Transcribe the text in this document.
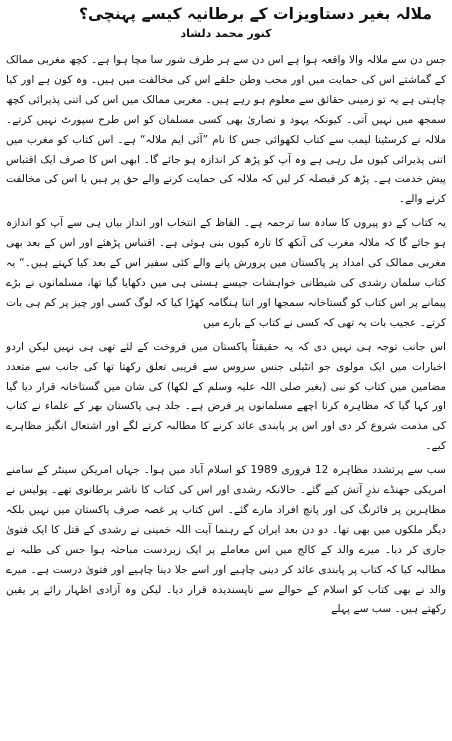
ملالہ بغیر دستاویزات کے برطانیہ کیسے پہنچی؟
کنور محمد دلشاد

جس دن سے ملالہ والا واقعہ ہوا ہے اس دن سے ہر طرف شور سا مچا ہوا ہے۔ کچھ مغربی ممالک کے گماشتے اس کی حمایت میں اور محب وطن حلقے اس کی مخالفت میں ہیں۔ وہ کون ہے اور کیا چاہتی ہے یہ تو زمینی حقائق سے معلوم ہو رہے ہیں۔ مغربی ممالک میں اس کی اتنی پذیرائی کچھ سمجھ میں نہیں آتی۔ کیونکہ یہود و نصاریٰ بھی کسی مسلمان کو اس طرح سپورٹ نہیں کرتے۔ ملالہ نے کرسٹینا لیمب سے کتاب لکھوائی جس کا نام ”آئی ایم ملالہ“ ہے۔ اس کتاب کو مغرب میں اتنی پذیرائی کیوں مل رہی ہے وہ آپ کو پڑھ کر اندازہ ہو جائے گا۔ ابھی اس کا صرف ایک اقتباس پیش خدمت ہے۔ پڑھ کر فیصلہ کر لیں کہ ملالہ کی حمایت کرنے والے حق پر ہیں یا اس کی مخالفت کرنے والے۔

یہ کتاب کے دو پیروں کا سادہ سا ترجمہ ہے۔ الفاظ کے انتخاب اور انداز بیاں ہی سے آپ کو اندازہ ہو جائے گا کہ ملالہ مغرب کی آنکھ کا تارہ کیوں بنی ہوئی ہے۔ اقتباس پڑھئے اور اس کے بعد بھی مغربی ممالک کی امداد پر پاکستان میں پرورش پانے والے کئی سفیر اس کے بعد کیا کہتے ہیں۔“ یہ کتاب سلمان رشدی کی شیطانی خواہشات جیسے ہستی ہی میں دکھایا گیا تھا، مسلمانوں نے بڑے پیمانے پر اس کتاب کو گستاخانہ سمجھا اور اتنا ہنگامہ کھڑا کیا کہ لوگ کسی اور چیز پر کم ہی بات کرتے۔ عجیب بات یہ تھی کہ کسی نے کتاب کے بارے میں

اس جانب توجہ ہی نہیں دی کہ یہ حقیقتاً پاکستان میں فروخت کے لئے تھی ہی نہیں لیکن اردو اخبارات میں ایک مولوی جو انٹیلی جنس سروس سے قریبی تعلق رکھتا تھا کی جانب سے متعدد مضامین میں کتاب کو نبی (بغیر صلی اللہ علیہ وسلم کے لکھا) کی شان میں گستاخانہ قرار دیا گیا اور کہا گیا کہ مظاہرہ کرنا اچھے مسلمانوں پر فرض ہے۔ جلد ہی پاکستان بھر کے علماء نے کتاب کی مذمت شروع کر دی اور اس پر پابندی عائد کرنے کا مطالبہ کرتے لگے اور اشتعال انگیز مظاہرے کیے۔

سب سے پرتشدد مظاہرہ 12 فروری 1989 کو اسلام آباد میں ہوا۔ جہاں امریکن سینٹر کے سامنے امریکی جھنڈے نذرِ آتش کیے گئے۔ حالانکہ رشدی اور اس کی کتاب کا ناشر برطانوی تھے۔ پولیس نے مظاہرین پر فائرنگ کی اور پانچ افراد مارے گئے۔ اس کتاب پر غصہ صرف پاکستان میں نہیں بلکہ دیگر ملکوں میں بھی تھا۔ دو دن بعد ایران کے رہنما آیت اللہ خمینی نے رشدی کے قتل کا ایک فتویٰ جاری کر دیا۔ میرے والد کے کالج میں اس معاملے پر ایک زبردست مباحثہ ہوا جس کی طلبہ نے مطالبہ کیا کہ کتاب پر پابندی عائد کر دینی چاہیے اور اسے جلا دینا چاہیے اور فتویٰ درست ہے۔ میرے والد نے بھی کتاب کو اسلام کے حوالے سے ناپسندیدہ قرار دیا۔ لیکن وہ آزادی اظہار رائے پر یقین رکھتے ہیں۔ سب سے پہلے
